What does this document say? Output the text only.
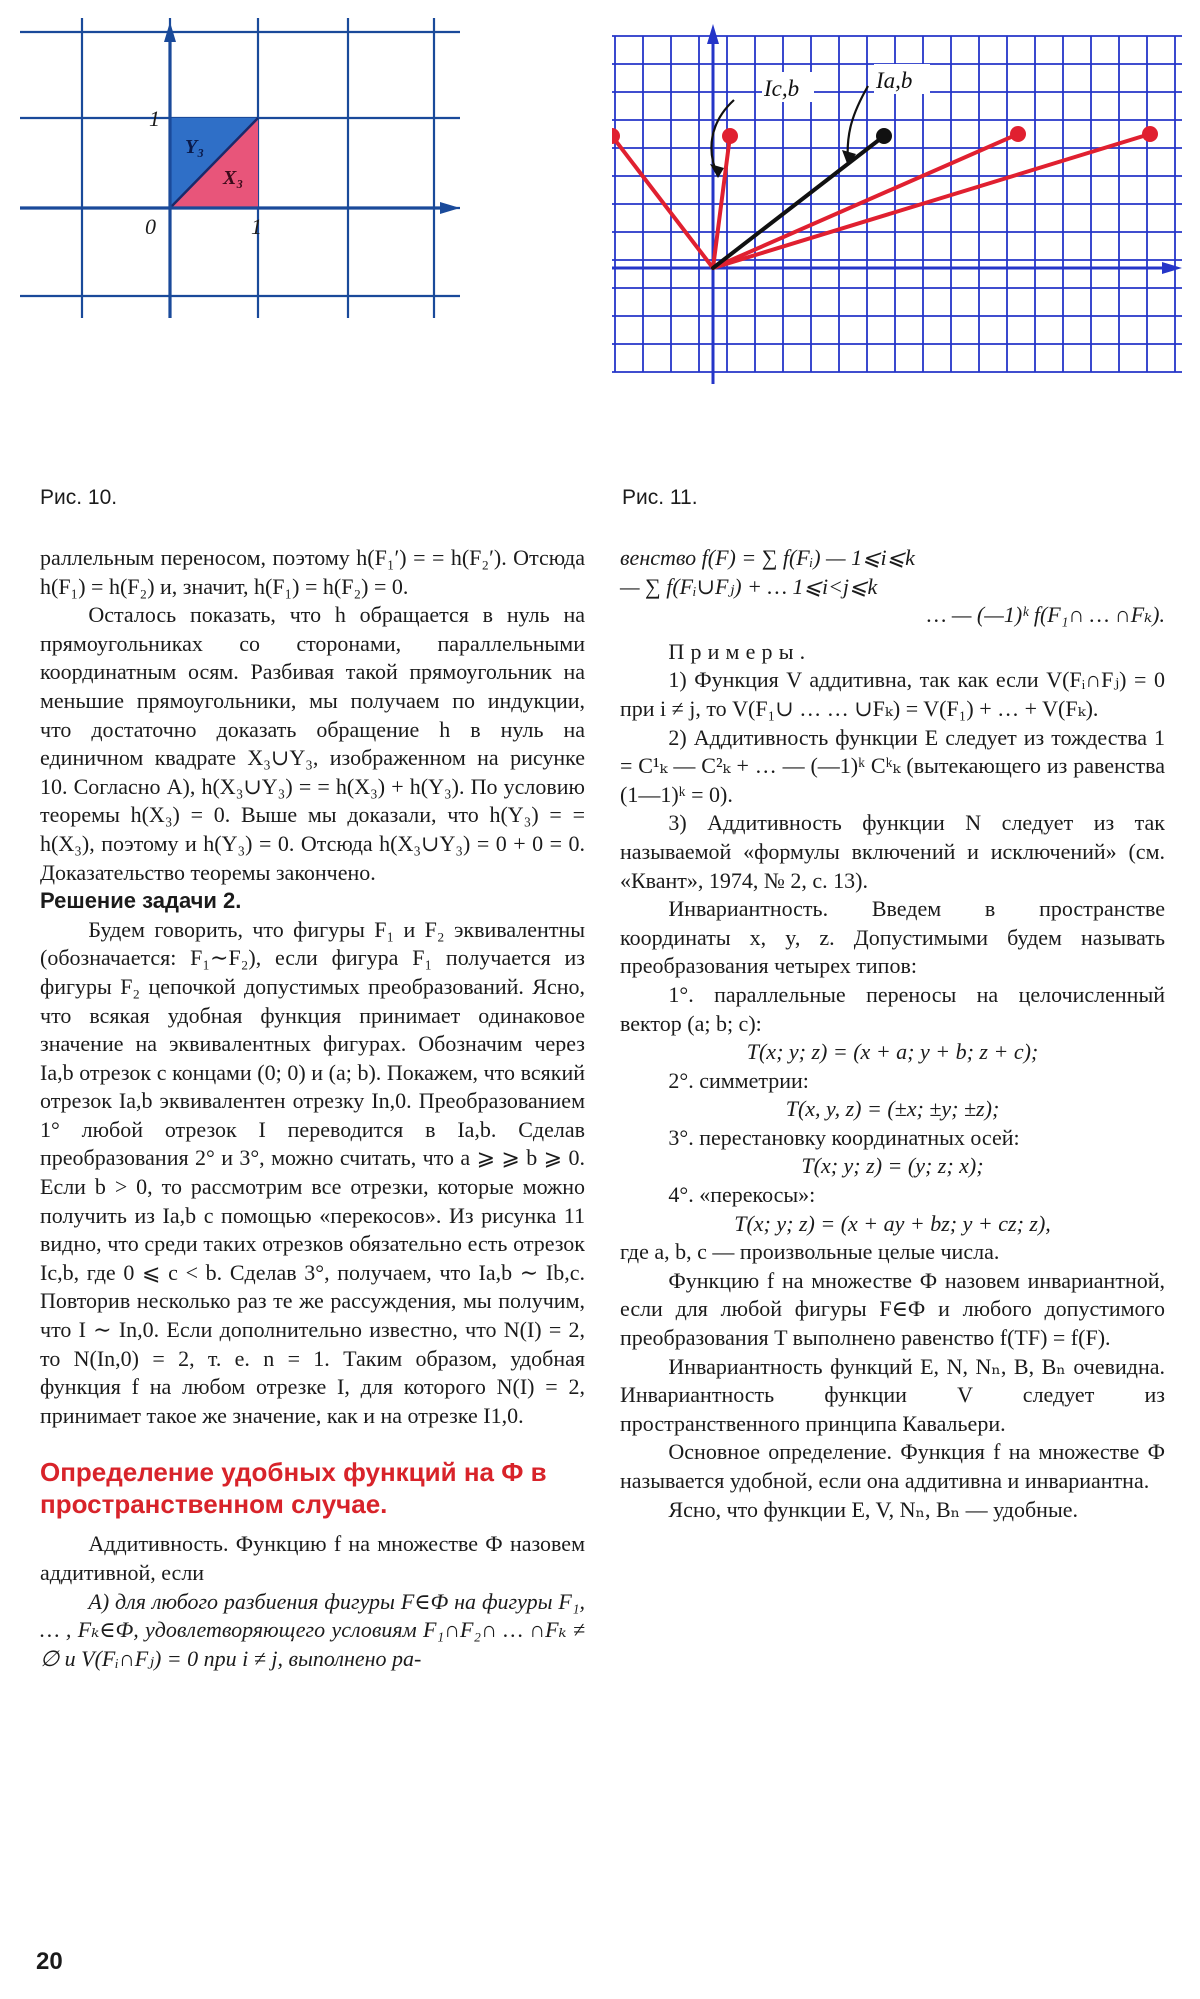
Y₃
X₃
0	1
1
Рис. 10.
Ic,b	Ia,b
Рис. 11.

раллельным переносом, поэтому h(F₁′) = = h(F₂′). Отсюда h(F₁) = h(F₂) и, значит, h(F₁) = h(F₂) = 0.

Осталось показать, что h обращается в нуль на прямоугольниках со сторонами, параллельными координатным осям. Разбивая такой прямоугольник на меньшие прямоугольники, мы получаем по индукции, что достаточно доказать обращение h в нуль на единичном квадрате X₃∪Y₃, изображенном на рисунке 10. Согласно А), h(X₃∪Y₃) = = h(X₃) + h(Y₃). По условию теоремы h(X₃) = 0. Выше мы доказали, что h(Y₃) = = h(X₃), поэтому и h(Y₃) = 0. Отсюда h(X₃∪Y₃) = 0 + 0 = 0. Доказательство теоремы закончено.

Решение задачи 2.

Будем говорить, что фигуры F₁ и F₂ эквивалентны (обозначается: F₁∼F₂), если фигура F₁ получается из фигуры F₂ цепочкой допустимых преобразований. Ясно, что всякая удобная функция принимает одинаковое значение на эквивалентных фигурах. Обозначим через Ia,b отрезок с концами (0; 0) и (a; b). Покажем, что всякий отрезок Ia,b эквивалентен отрезку In,0. Преобразованием 1° любой отрезок I переводится в Ia,b. Сделав преобразования 2° и 3°, можно считать, что a ⩾ ⩾ b ⩾ 0. Если b > 0, то рассмотрим все отрезки, которые можно получить из Ia,b с помощью «перекосов». Из рисунка 11 видно, что среди таких отрезков обязательно есть отрезок Ic,b, где 0 ⩽ c < b. Сделав 3°, получаем, что Ia,b ∼ Ib,c. Повторив несколько раз те же рассуждения, мы получим, что I ∼ In,0. Если дополнительно известно, что N(I) = 2, то N(In,0) = 2, т. е. n = 1. Таким образом, удобная функция f на любом отрезке I, для которого N(I) = 2, принимает такое же значение, как и на отрезке I1,0.

Определение удобных функций на Ф в пространственном случае.

Аддитивность. Функцию f на множестве Ф назовем аддитивной, если

А) для любого разбиения фигуры F∈Ф на фигуры F₁, … , Fₖ∈Ф, удовлетворяющего условиям F₁∩F₂∩ … ∩Fₖ ≠ ∅ и V(Fᵢ∩Fⱼ) = 0 при i ≠ j, выполнено ра-

венство f(F) = ∑ f(Fᵢ) — 1⩽i⩽k

— ∑ f(Fᵢ∪Fⱼ) + … 1⩽i<j⩽k

… — (—1)ᵏ f(F₁∩ … ∩Fₖ).

Примеры.

1) Функция V аддитивна, так как если V(Fᵢ∩Fⱼ) = 0 при i ≠ j, то V(F₁∪ … … ∪Fₖ) = V(F₁) + … + V(Fₖ).

2) Аддитивность функции E следует из тождества 1 = C¹ₖ — C²ₖ + … — (—1)ᵏ Cᵏₖ (вытекающего из равенства (1—1)ᵏ = 0).

3) Аддитивность функции N следует из так называемой «формулы включений и исключений» (см. «Квант», 1974, № 2, с. 13).

Инвариантность. Введем в пространстве координаты x, y, z. Допустимыми будем называть преобразования четырех типов:

1°. параллельные переносы на целочисленный вектор (a; b; c):

T(x; y; z) = (x + a; y + b; z + c);

2°. симметрии:

T(x, y, z) = (±x; ±y; ±z);

3°. перестановку координатных осей:

T(x; y; z) = (y; z; x);

4°. «перекосы»:

T(x; y; z) = (x + ay + bz; y + cz; z),

где a, b, c — произвольные целые числа.

Функцию f на множестве Ф назовем инвариантной, если для любой фигуры F∈Ф и любого допустимого преобразования T выполнено равенство f(TF) = f(F).

Инвариантность функций E, N, Nₙ, B, Bₙ очевидна. Инвариантность функции V следует из пространственного принципа Кавальери.

Основное определение. Функция f на множестве Ф называется удобной, если она аддитивна и инвариантна.

Ясно, что функции E, V, Nₙ, Bₙ — удобные.

20
